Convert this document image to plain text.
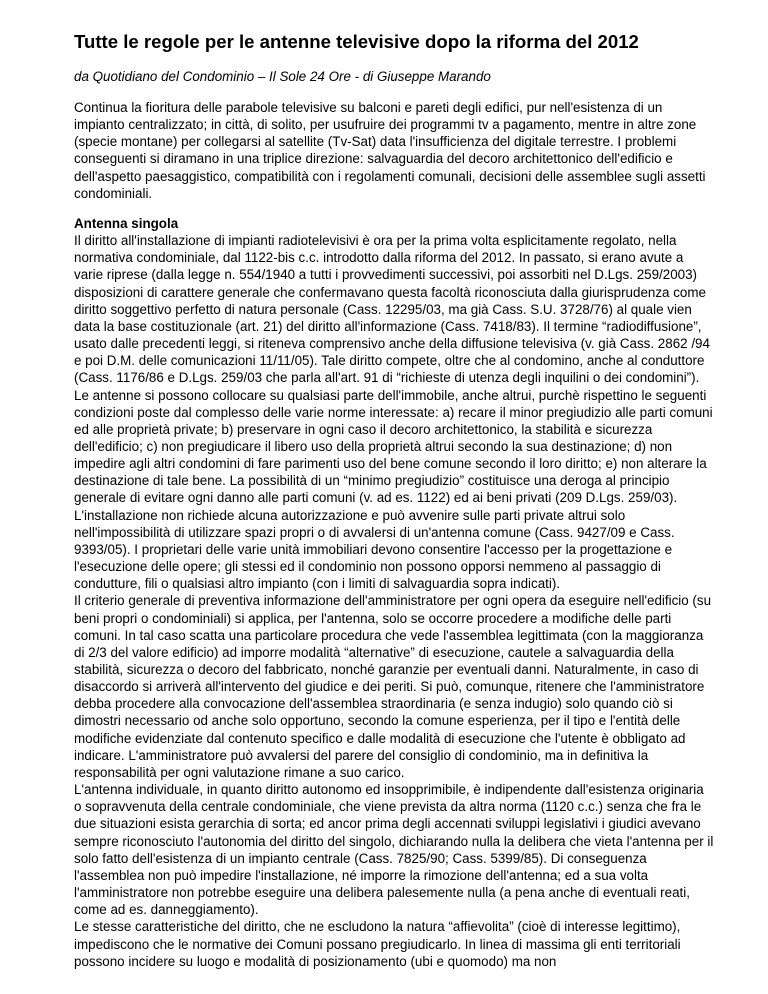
Tutte le regole per le antenne televisive dopo la riforma del 2012

da Quotidiano del Condominio – Il Sole 24 Ore - di Giuseppe Marando

Continua la fioritura delle parabole televisive su balconi e pareti degli edifici, pur nell'esistenza di un impianto centralizzato; in città, di solito, per usufruire dei programmi tv a pagamento, mentre in altre zone (specie montane) per collegarsi al satellite (Tv-Sat) data l'insufficienza del digitale terrestre. I problemi conseguenti si diramano in una triplice direzione: salvaguardia del decoro architettonico dell'edificio e dell'aspetto paesaggistico, compatibilità con i regolamenti comunali, decisioni delle assemblee sugli assetti condominiali.

Antenna singola

Il diritto all'installazione di impianti radiotelevisivi è ora per la prima volta esplicitamente regolato, nella normativa condominiale, dal 1122-bis c.c. introdotto dalla riforma del 2012. In passato, si erano avute a varie riprese (dalla legge n. 554/1940 a tutti i provvedimenti successivi, poi assorbiti nel D.Lgs. 259/2003) disposizioni di carattere generale che confermavano questa facoltà riconosciuta dalla giurisprudenza come diritto soggettivo perfetto di natura personale (Cass. 12295/03, ma già Cass. S.U. 3728/76) al quale vien data la base costituzionale (art. 21) del diritto all'informazione (Cass. 7418/83). Il termine “radiodiffusione”, usato dalle precedenti leggi, si riteneva comprensivo anche della diffusione televisiva (v. già Cass. 2862 /94 e poi D.M. delle comunicazioni 11/11/05). Tale diritto compete, oltre che al condomino, anche al conduttore (Cass. 1176/86 e D.Lgs. 259/03 che parla all'art. 91 di “richieste di utenza degli inquilini o dei condomini”). Le antenne si possono collocare su qualsiasi parte dell'immobile, anche altrui, purchè rispettino le seguenti condizioni poste dal complesso delle varie norme interessate: a) recare il minor pregiudizio alle parti comuni ed alle proprietà private; b) preservare in ogni caso il decoro architettonico, la stabilità e sicurezza dell'edificio; c) non pregiudicare il libero uso della proprietà altrui secondo la sua destinazione; d) non impedire agli altri condomini di fare parimenti uso del bene comune secondo il loro diritto; e) non alterare la destinazione di tale bene. La possibilità di un “minimo pregiudizio” costituisce una deroga al principio generale di evitare ogni danno alle parti comuni (v. ad es. 1122) ed ai beni privati (209 D.Lgs. 259/03). L'installazione non richiede alcuna autorizzazione e può avvenire sulle parti private altrui solo nell'impossibilità di utilizzare spazi propri o di avvalersi di un'antenna comune (Cass. 9427/09 e Cass. 9393/05). I proprietari delle varie unità immobiliari devono consentire l'accesso per la progettazione e l'esecuzione delle opere; gli stessi ed il condominio non possono opporsi nemmeno al passaggio di condutture, fili o qualsiasi altro impianto (con i limiti di salvaguardia sopra indicati).

Il criterio generale di preventiva informazione dell'amministratore per ogni opera da eseguire nell'edificio (su beni propri o condominiali) si applica, per l'antenna, solo se occorre procedere a modifiche delle parti comuni. In tal caso scatta una particolare procedura che vede l'assemblea legittimata (con la maggioranza di 2/3 del valore edificio) ad imporre modalità “alternative” di esecuzione, cautele a salvaguardia della stabilità, sicurezza o decoro del fabbricato, nonché garanzie per eventuali danni. Naturalmente, in caso di disaccordo si arriverà all'intervento del giudice e dei periti. Si può, comunque, ritenere che l'amministratore debba procedere alla convocazione dell'assemblea straordinaria (e senza indugio) solo quando ciò si dimostri necessario od anche solo opportuno, secondo la comune esperienza, per il tipo e l'entità delle modifiche evidenziate dal contenuto specifico e dalle modalità di esecuzione che l'utente è obbligato ad indicare. L'amministratore può avvalersi del parere del consiglio di condominio, ma in definitiva la responsabilità per ogni valutazione rimane a suo carico.

L'antenna individuale, in quanto diritto autonomo ed insopprimibile, è indipendente dall'esistenza originaria o sopravvenuta della centrale condominiale, che viene prevista da altra norma (1120 c.c.) senza che fra le due situazioni esista gerarchia di sorta; ed ancor prima degli accennati sviluppi legislativi i giudici avevano sempre riconosciuto l'autonomia del diritto del singolo, dichiarando nulla la delibera che vieta l'antenna per il solo fatto dell'esistenza di un impianto centrale (Cass. 7825/90; Cass. 5399/85). Di conseguenza l'assemblea non può impedire l'installazione, né imporre la rimozione dell'antenna; ed a sua volta l'amministratore non potrebbe eseguire una delibera palesemente nulla (a pena anche di eventuali reati, come ad es. danneggiamento).

Le stesse caratteristiche del diritto, che ne escludono la natura “affievolita” (cioè di interesse legittimo), impediscono che le normative dei Comuni possano pregiudicarlo. In linea di massima gli enti territoriali possono incidere su luogo e modalità di posizionamento (ubi e quomodo) ma non
